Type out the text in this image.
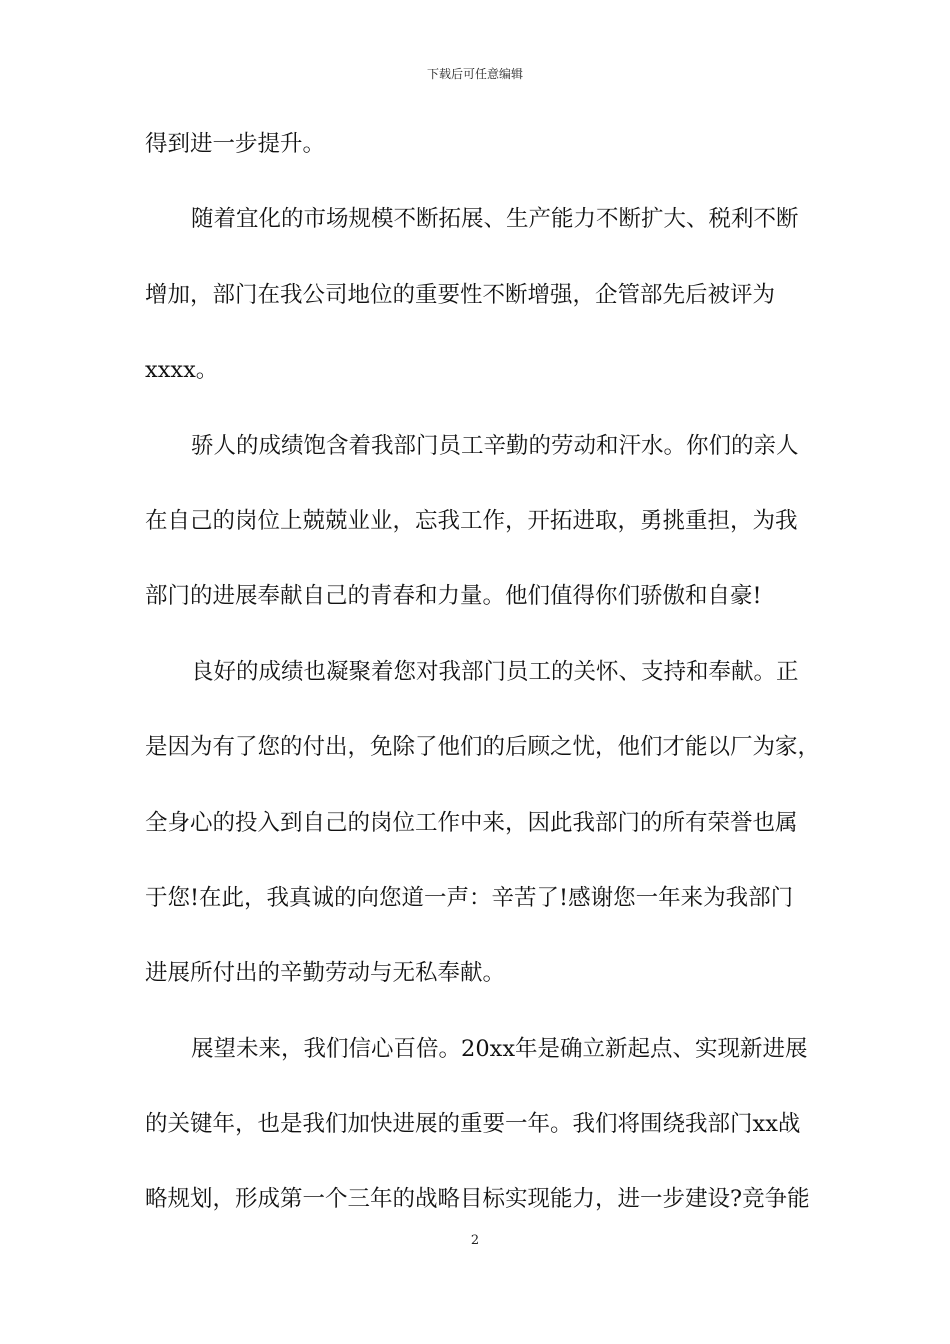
下载后可任意编辑
得到进一步提升。
随着宜化的市场规模不断拓展、生产能力不断扩大、税利不断
增加，部门在我公司地位的重要性不断增强，企管部先后被评为
xxxx。
骄人的成绩饱含着我部门员工辛勤的劳动和汗水。你们的亲人
在自己的岗位上兢兢业业，忘我工作，开拓进取，勇挑重担，为我
部门的进展奉献自己的青春和力量。他们值得你们骄傲和自豪!
良好的成绩也凝聚着您对我部门员工的关怀、支持和奉献。正
是因为有了您的付出，免除了他们的后顾之忧，他们才能以厂为家，
全身心的投入到自己的岗位工作中来，因此我部门的所有荣誉也属
于您!在此，我真诚的向您道一声：辛苦了!感谢您一年来为我部门
进展所付出的辛勤劳动与无私奉献。
展望未来，我们信心百倍。20xx年是确立新起点、实现新进展
的关键年，也是我们加快进展的重要一年。我们将围绕我部门xx战
略规划，形成第一个三年的战略目标实现能力，进一步建设?竞争能
2
